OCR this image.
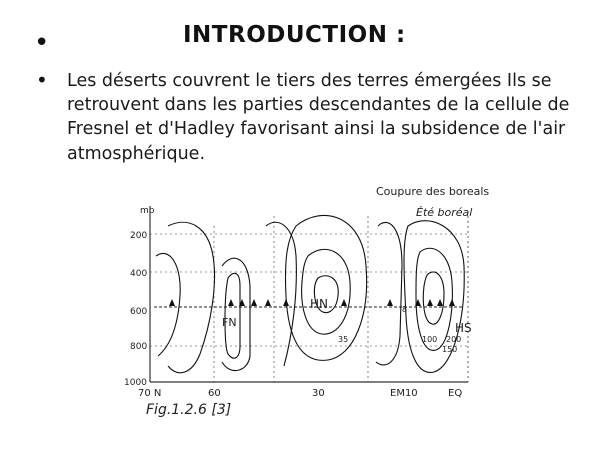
•	INTRODUCTION :
• Les déserts couvrent le tiers des terres émergées Ils se retrouvent dans les parties descendantes de la cellule de Fresnel et d'Hadley favorisant ainsi la subsidence de l'air atmosphérique.
Coupure des boreals
Été boréal
mb
200
400
600
800
1000
FN
HN
HS
35	100
150
200
8
70 N	60	30	EM10	EQ
Fig.1.2.6 [3]
